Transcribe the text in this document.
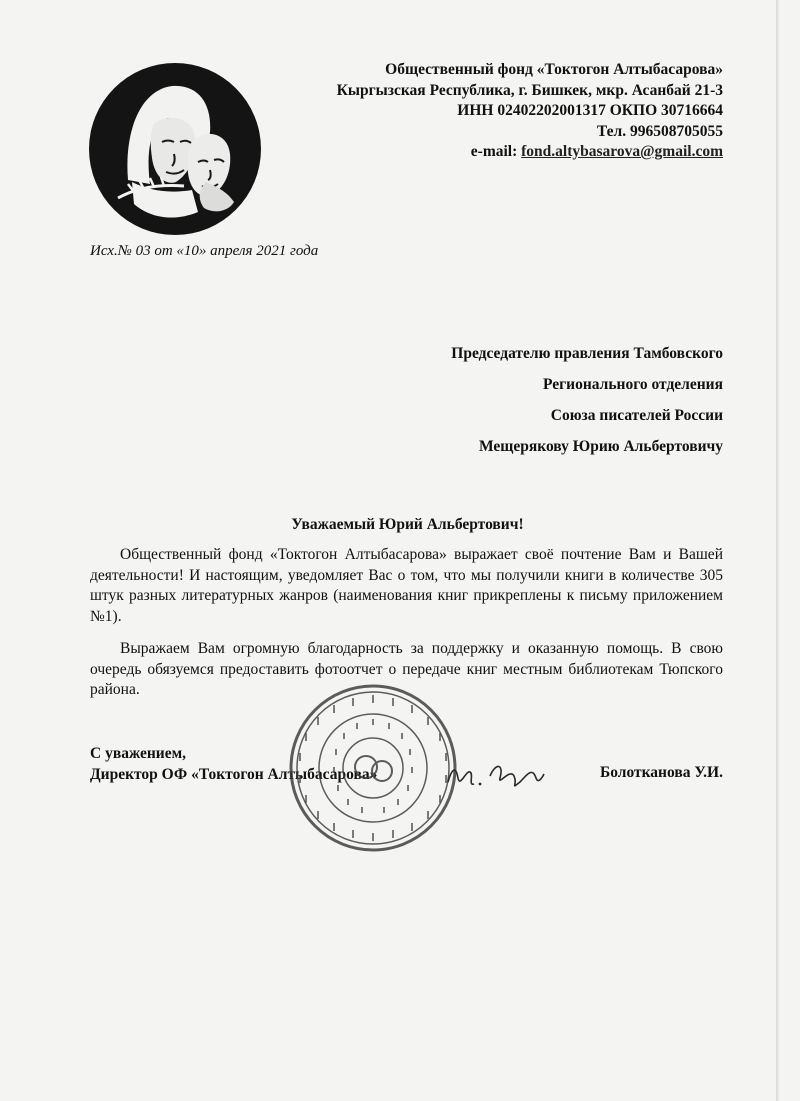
Общественный фонд «Токтогон Алтыбасарова»
Кыргызская Республика, г. Бишкек, мкр. Асанбай 21-3
ИНН 02402202001317 ОКПО 30716664
Тел. 996508705055
e-mail: fond.altybasarova@gmail.com
Исх.№ 03 от «10» апреля 2021 года
Председателю правления Тамбовского
Регионального отделения
Союза писателей России
Мещерякову Юрию Альбертовичу
Уважаемый Юрий Альбертович!

Общественный фонд «Токтогон Алтыбасарова» выражает своё почтение Вам и Вашей деятельности! И настоящим, уведомляет Вас о том, что мы получили книги в количестве 305 штук разных литературных жанров (наименования книг прикреплены к письму приложением №1).

Выражаем Вам огромную благодарность за поддержку и оказанную помощь. В свою очередь обязуемся предоставить фотоотчет о передаче книг местным библиотекам Тюпского района.

С уважением,
Директор ОФ «Токтогон Алтыбасарова»	Болотканова У.И.
